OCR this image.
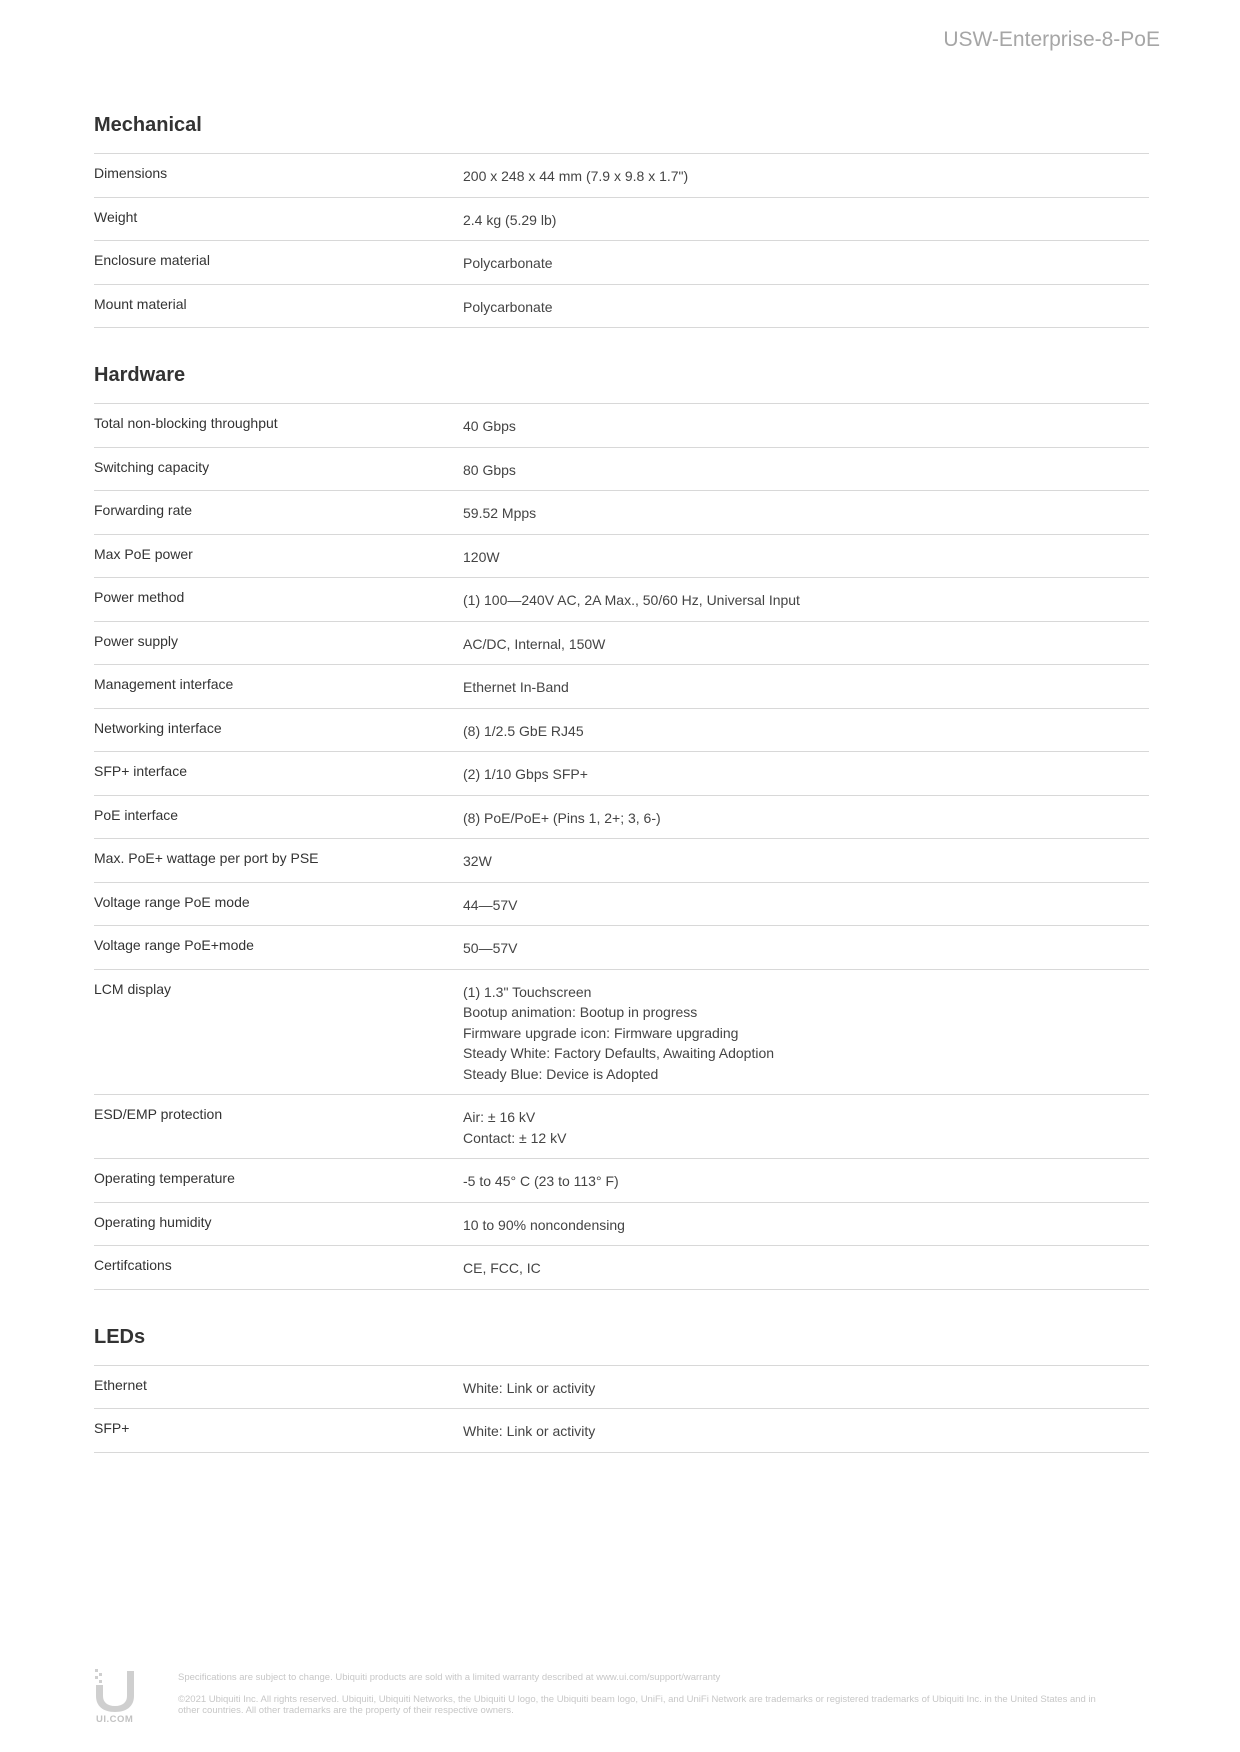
USW-Enterprise-8-PoE
Mechanical
Dimensions	200 x 248 x 44 mm (7.9 x 9.8 x 1.7")
Weight	2.4 kg (5.29 lb)
Enclosure material	Polycarbonate
Mount material	Polycarbonate
Hardware
Total non-blocking throughput	40 Gbps
Switching capacity	80 Gbps
Forwarding rate	59.52 Mpps
Max PoE power	120W
Power method	(1) 100—240V AC, 2A Max., 50/60 Hz, Universal Input
Power supply	AC/DC, Internal, 150W
Management interface	Ethernet In-Band
Networking interface	(8) 1/2.5 GbE RJ45
SFP+ interface	(2) 1/10 Gbps SFP+
PoE interface	(8) PoE/PoE+ (Pins 1, 2+; 3, 6-)
Max. PoE+ wattage per port by PSE	32W
Voltage range PoE mode	44—57V
Voltage range PoE+mode	50—57V
LCM display	(1) 1.3" Touchscreen
Bootup animation: Bootup in progress
Firmware upgrade icon: Firmware upgrading
Steady White: Factory Defaults, Awaiting Adoption
Steady Blue: Device is Adopted
ESD/EMP protection	Air: ± 16 kV
Contact: ± 12 kV
Operating temperature	-5 to 45° C (23 to 113° F)
Operating humidity	10 to 90% noncondensing
Certifcations	CE, FCC, IC
LEDs
Ethernet	White: Link or activity
SFP+	White: Link or activity
UI.COM

Specifications are subject to change. Ubiquiti products are sold with a limited warranty described at www.ui.com/support/warranty

©2021 Ubiquiti Inc. All rights reserved. Ubiquiti, Ubiquiti Networks, the Ubiquiti U logo, the Ubiquiti beam logo, UniFi, and UniFi Network are trademarks or registered trademarks of Ubiquiti Inc. in the United States and in other countries. All other trademarks are the property of their respective owners.
